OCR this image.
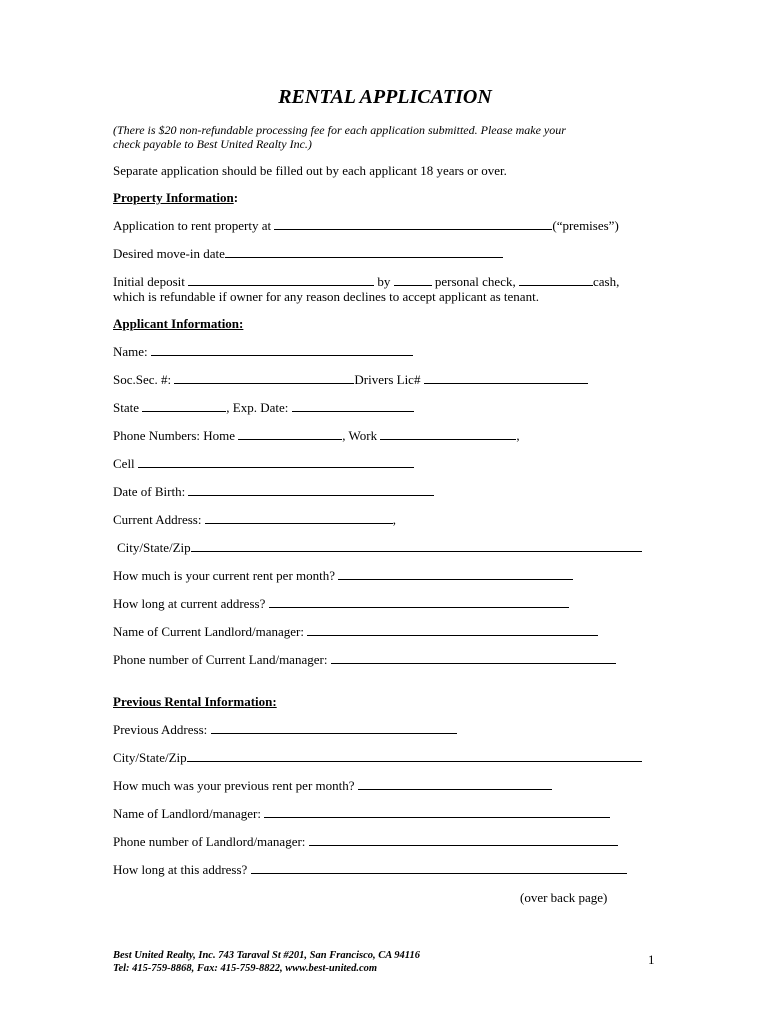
RENTAL APPLICATION
(There is $20 non-refundable processing fee for each application submitted. Please make your
check payable to Best United Realty Inc.)
Separate application should be filled out by each applicant 18 years or over.
Property Information:
Application to rent property at	(“premises”)
Desired move-in date
Initial deposit	by	personal check,	cash,
which is refundable if owner for any reason declines to accept applicant as tenant.
Applicant Information:
Name:
Soc.Sec. #:	Drivers Lic#
State	, Exp. Date:
Phone Numbers: Home	, Work	,
Cell
Date of Birth:
Current Address:	,
City/State/Zip
How much is your current rent per month?
How long at current address?
Name of Current Landlord/manager:
Phone number of Current Land/manager:
Previous Rental Information:
Previous Address:
City/State/Zip
How much was your previous rent per month?
Name of Landlord/manager:
Phone number of Landlord/manager:
How long at this address?
(over back page)
Best United Realty, Inc. 743 Taraval St #201, San Francisco, CA 94116
Tel: 415-759-8868, Fax: 415-759-8822, www.best-united.com
1
